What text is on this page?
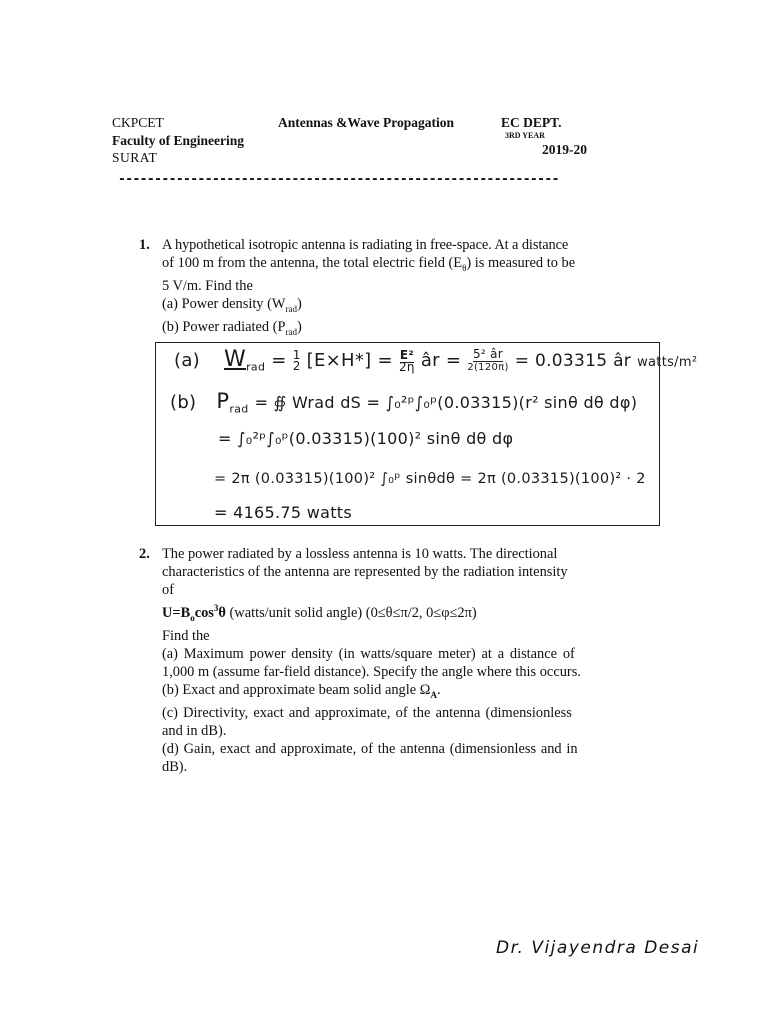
CKPCET	Antennas &Wave Propagation	EC DEPT.
Faculty of Engineering	3RD YEAR
SURAT
2019-20
-------------------------------------------------------------
1. A hypothetical isotropic antenna is radiating in free-space. At a distance
of 100 m from the antenna, the total electric field $(E_\theta)$ is measured to be
5 V/m. Find the
(a) Power density $(W_{rad})$
(b) Power radiated $(P_{rad})$
(a) $W_{rad} = 1$
2 $[E\times H*] = \frac{\text{E²}}{2\eta}$ âr = 5² âr
2(120π) = 0.03315 âr watts/m²
(b) $P_{rad}$ = ∯ Wrad dS = ∫₀²ᵖ∫₀ᵖ(0.03315)(r² sinθ dθ dφ)
= ∫₀²ᵖ∫₀ᵖ(0.03315)(100)² sinθ dθ dφ
= 2π (0.03315)(100)² ∫₀ᵖ sinθdθ = 2π (0.03315)(100)² · 2
= 4165.75 watts
2. The power radiated by a lossless antenna is 10 watts. The directional
characteristics of the antenna are represented by the radiation intensity
of
$U=B_o\cos^3\theta$ (watts/unit solid angle) (0≤θ≤π/2, 0≤φ≤2π)
Find the
(a) Maximum power density (in watts/square meter) at a distance of
1,000 m (assume far-field distance). Specify the angle where this occurs.
(b) Exact and approximate beam solid angle $\Omega_A$.
(c) Directivity, exact and approximate, of the antenna (dimensionless
and in dB).
(d) Gain, exact and approximate, of the antenna (dimensionless and in
dB).
Dr. Vijayendra Desai
